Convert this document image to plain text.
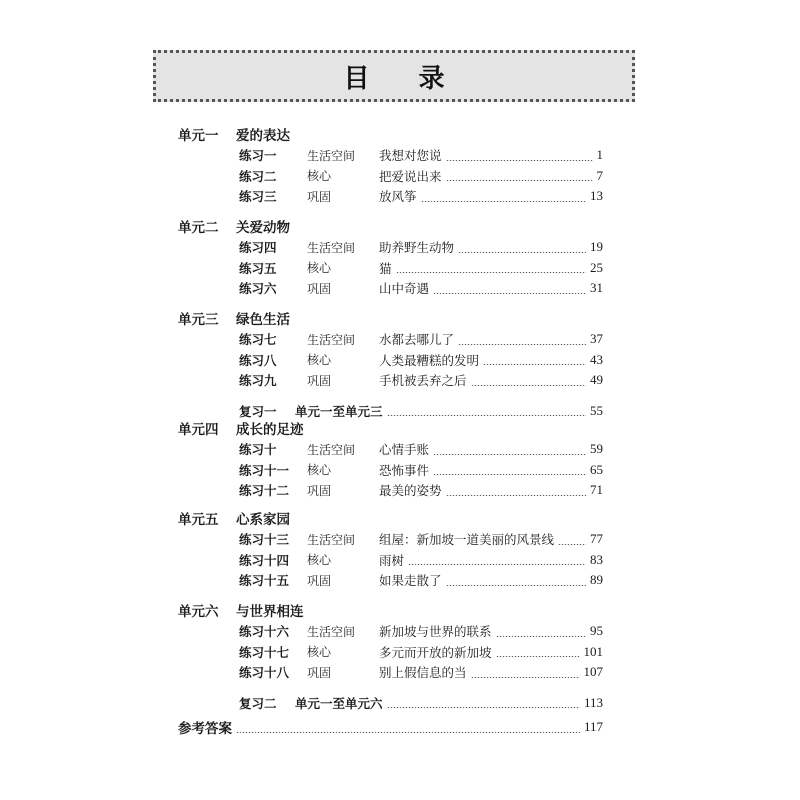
目 录
单元一	爱的表达
练习一	生活空间	我想对您说	1
练习二	核心	把爱说出来	7
练习三	巩固	放风筝	13
单元二	关爱动物
练习四	生活空间	助养野生动物	19
练习五	核心	猫	25
练习六	巩固	山中奇遇	31
单元三	绿色生活
练习七	生活空间	水都去哪儿了	37
练习八	核心	人类最糟糕的发明	43
练习九	巩固	手机被丢弃之后	49
复习一	单元一至单元三	55
单元四	成长的足迹
练习十	生活空间	心情手账	59
练习十一	核心	恐怖事件	65
练习十二	巩固	最美的姿势	71
单元五	心系家园
练习十三	生活空间	组屋：新加坡一道美丽的风景线	77
练习十四	核心	雨树	83
练习十五	巩固	如果走散了	89
单元六	与世界相连
练习十六	生活空间	新加坡与世界的联系	95
练习十七	核心	多元而开放的新加坡	101
练习十八	巩固	别上假信息的当	107
复习二	单元一至单元六	113
参考答案	117
